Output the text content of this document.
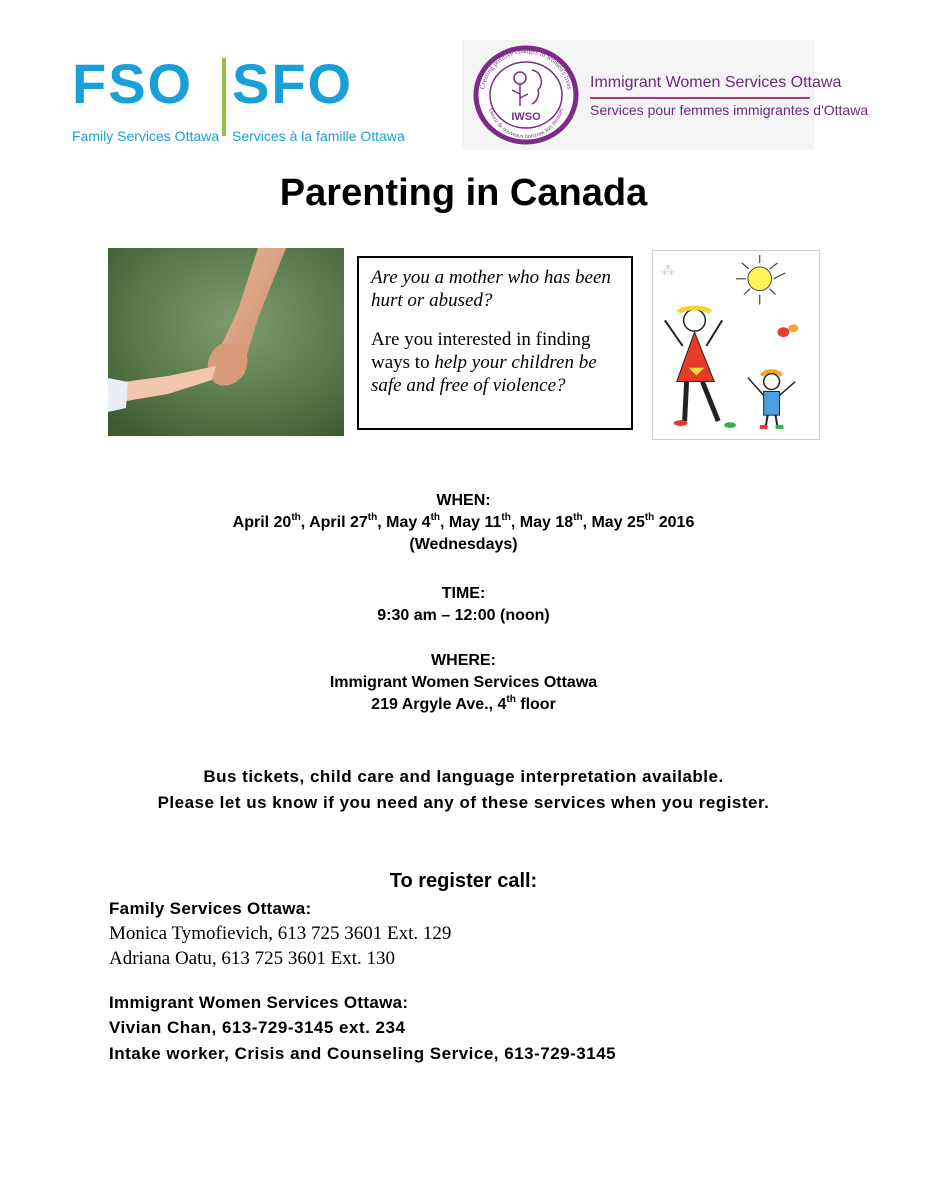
FSO SFO
Family Services Ottawa Services à la famille Ottawa
Creating positive changes in women's lives
Ouvrir de nouveaux horizons aux femmes
IWSO
Immigrant Women Services Ottawa
Services pour femmes immigrantes d'Ottawa
Parenting in Canada

Are you a mother who has been hurt or abused?

Are you interested in finding ways to help your children be safe and free of violence?

⁂
WHEN:
April 20th, April 27th, May 4th, May 11th, May 18th, May 25th 2016
(Wednesdays)
TIME:
9:30 am – 12:00 (noon)
WHERE:
Immigrant Women Services Ottawa
219 Argyle Ave., 4th floor
Bus tickets, child care and language interpretation available.
Please let us know if you need any of these services when you register.
To register call:
Family Services Ottawa:
Monica Tymofievich, 613 725 3601 Ext. 129
Adriana Oatu, 613 725 3601 Ext. 130
Immigrant Women Services Ottawa:
Vivian Chan, 613-729-3145 ext. 234
Intake worker, Crisis and Counseling Service, 613-729-3145
